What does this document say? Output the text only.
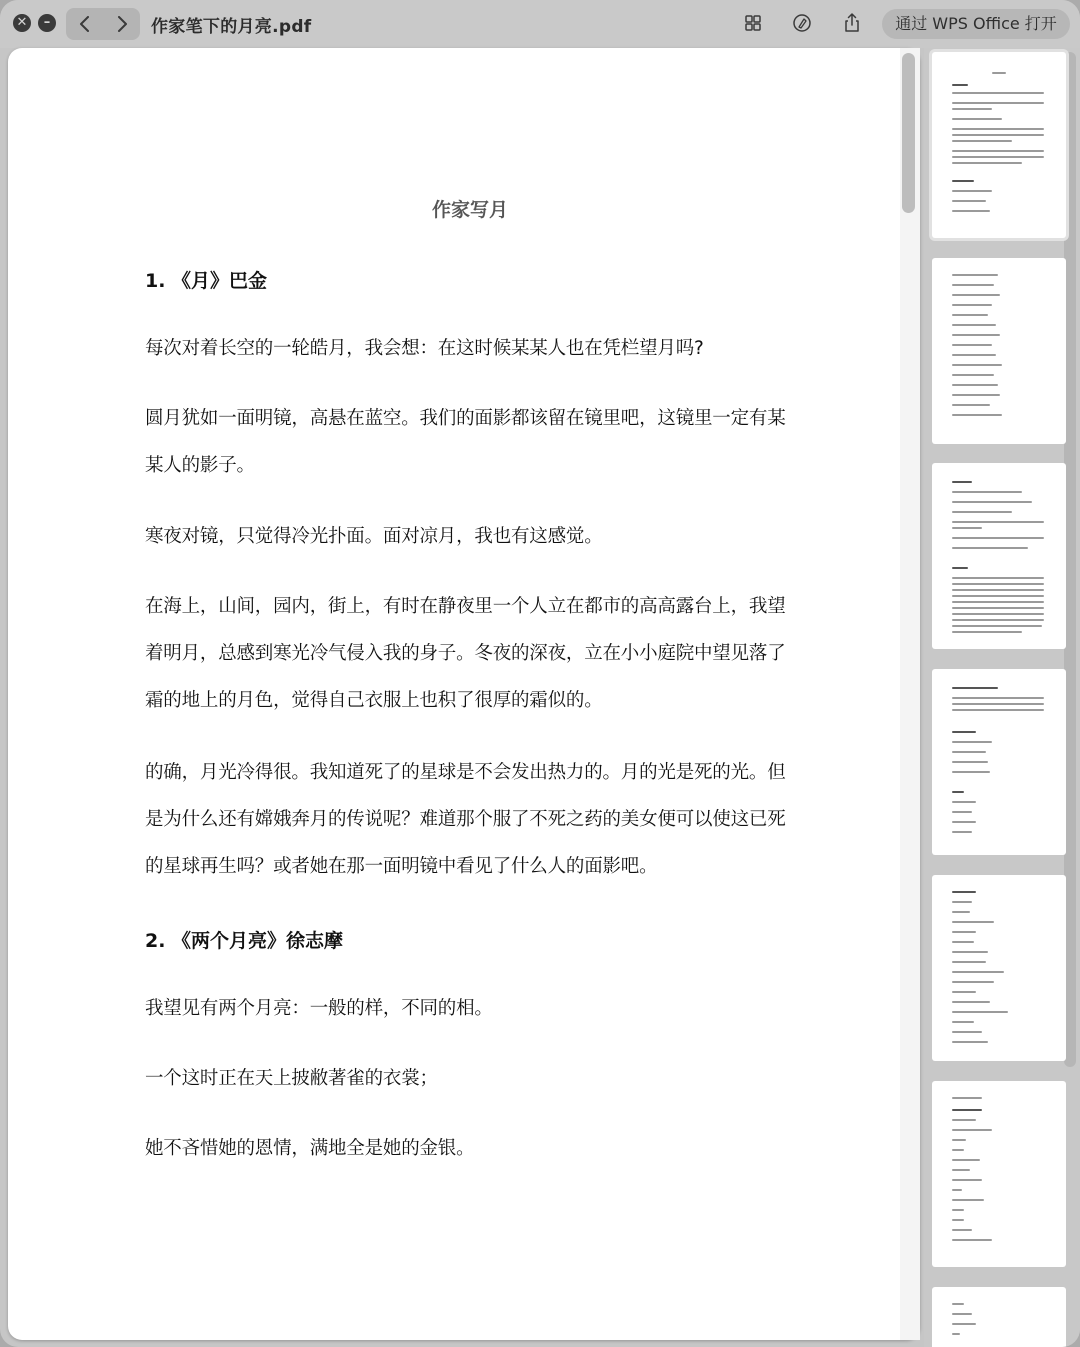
✕	–	作家笔下的月亮.pdf	通过 WPS Office 打开
作家写月
1. 《月》巴金
每次对着长空的一轮皓月，我会想：在这时候某某人也在凭栏望月吗?
圆月犹如一面明镜，高悬在蓝空。我们的面影都该留在镜里吧，这镜里一定有某某人的影子。
寒夜对镜，只觉得冷光扑面。面对凉月，我也有这感觉。
在海上，山间，园内，街上，有时在静夜里一个人立在都市的高高露台上，我望着明月，总感到寒光冷气侵入我的身子。冬夜的深夜，立在小小庭院中望见落了霜的地上的月色，觉得自己衣服上也积了很厚的霜似的。
的确，月光冷得很。我知道死了的星球是不会发出热力的。月的光是死的光。但是为什么还有嫦娥奔月的传说呢？难道那个服了不死之药的美女便可以使这已死的星球再生吗？或者她在那一面明镜中看见了什么人的面影吧。
2. 《两个月亮》徐志摩
我望见有两个月亮：一般的样，不同的相。
一个这时正在天上披敝著雀的衣裳；
她不吝惜她的恩情，满地全是她的金银。
